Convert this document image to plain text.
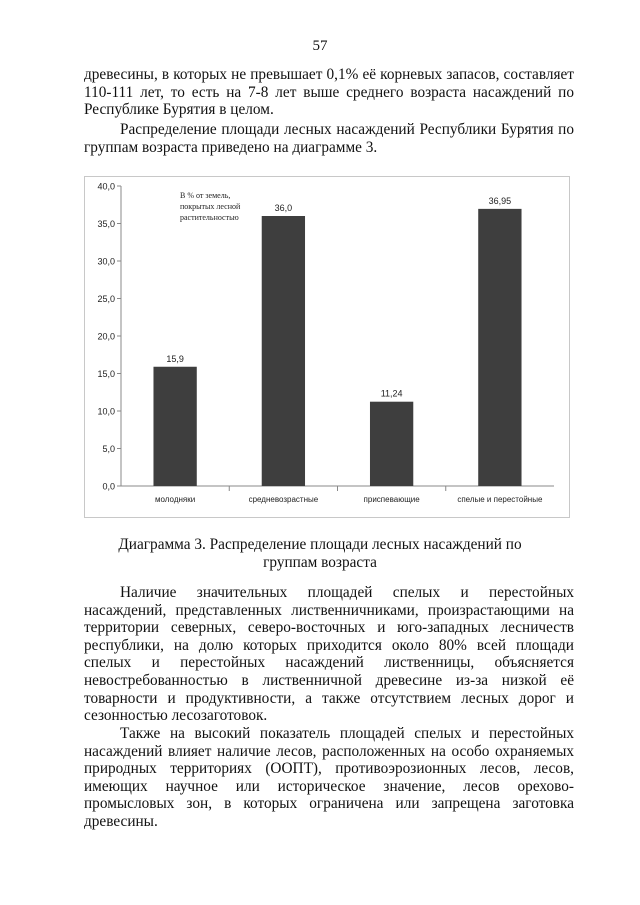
57

древесины, в которых не превышает 0,1% её корневых запасов, составляет 110-111 лет, то есть на 7-8 лет выше среднего возраста насаждений по Республике Бурятия в целом.

Распределение площади лесных насаждений Республики Бурятия по группам возраста приведено на диаграмме 3.

0,0
5,0
10,0
15,0
20,0
25,0
30,0
35,0
40,0
15,9
36,0
11,24
36,95
молодняки	средневозрастные	приспевающие	спелые и перестойные
В % от земель, покрытых лесной растительностью
Диаграмма 3. Распределение площади лесных насаждений по группам возраста

Наличие значительных площадей спелых и перестойных насаждений, представленных лиственничниками, произрастающими на территории северных, северо-восточных и юго-западных лесничеств республики, на долю которых приходится около 80% всей площади спелых и перестойных насаждений лиственницы, объясняется невостребованностью в лиственничной древесине из-за низкой её товарности и продуктивности, а также отсутствием лесных дорог и сезонностью лесозаготовок.

Также на высокий показатель площадей спелых и перестойных насаждений влияет наличие лесов, расположенных на особо охраняемых природных территориях (ООПТ), противоэрозионных лесов, лесов, имеющих научное или историческое значение, лесов орехово-промысловых зон, в которых ограничена или запрещена заготовка древесины.
